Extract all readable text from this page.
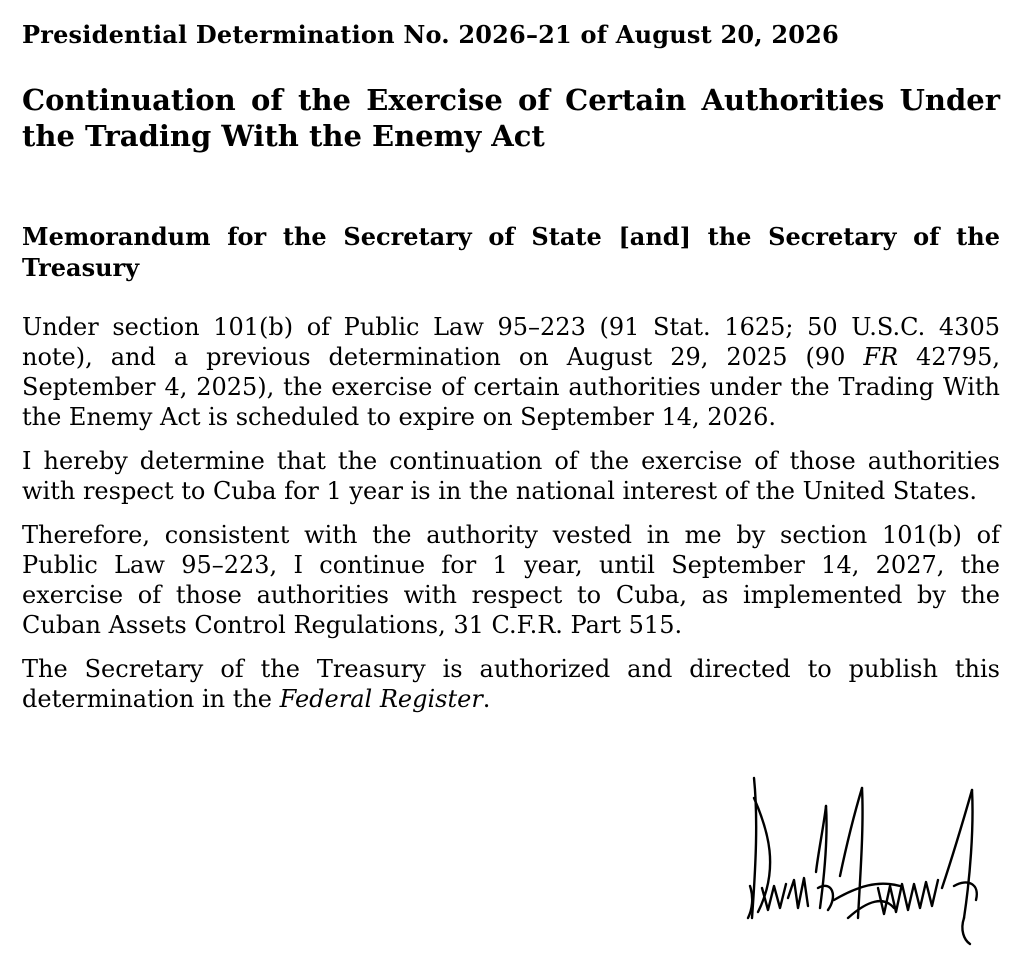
Presidential Determination No. 2026–21 of August 20, 2026
Continuation of the Exercise of Certain Authorities Under the Trading With the Enemy Act
Memorandum for the Secretary of State [and] the Secretary of the Treasury

Under section 101(b) of Public Law 95–223 (91 Stat. 1625; 50 U.S.C. 4305 note), and a previous determination on August 29, 2025 (90 FR 42795, September 4, 2025), the exercise of certain authorities under the Trading With the Enemy Act is scheduled to expire on September 14, 2026.

I hereby determine that the continuation of the exercise of those authorities with respect to Cuba for 1 year is in the national interest of the United States.

Therefore, consistent with the authority vested in me by section 101(b) of Public Law 95–223, I continue for 1 year, until September 14, 2027, the exercise of those authorities with respect to Cuba, as implemented by the Cuban Assets Control Regulations, 31 C.F.R. Part 515.

The Secretary of the Treasury is authorized and directed to publish this determination in the Federal Register.
